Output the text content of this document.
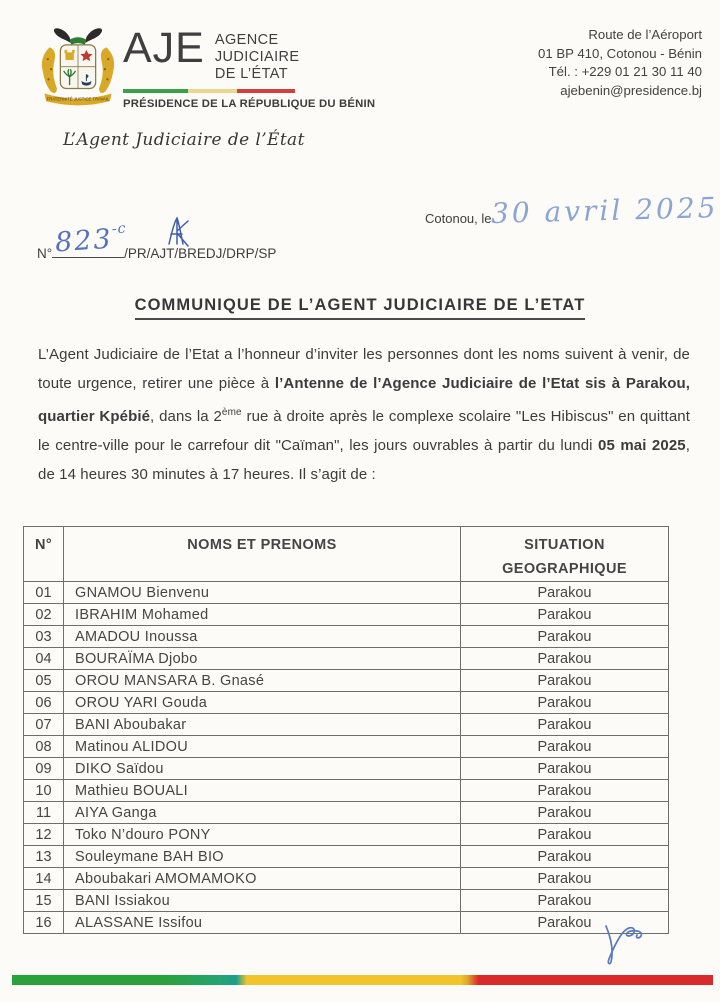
FRATERNITÉ JUSTICE TRAVAIL
AJE AGENCE
JUDICIAIRE DE L’ÉTAT
PRÉSIDENCE DE LA RÉPUBLIQUE DU BÉNIN
Route de l’Aéroport
01 BP 410, Cotonou - Bénin
Tél. : +229 01 21 30 11 40
ajebenin@presidence.bj
L’Agent Judiciaire de l’État
Cotonou, le 30 avril 2025
N°	/PR/AJT/BREDJ/DRP/SP
$823^{-c}$
COMMUNIQUE DE L’AGENT JUDICIAIRE DE L’ETAT

L’Agent Judiciaire de l’Etat a l’honneur d’inviter les personnes dont les noms suivent à venir, de toute urgence, retirer une pièce à l’Antenne de l’Agence Judiciaire de l’Etat sis à Parakou, quartier Kpébié, dans la 2ème rue à droite après le complexe scolaire "Les Hibiscus" en quittant le centre-ville pour le carrefour dit "Caïman", les jours ouvrables à partir du lundi 05 mai 2025, de 14 heures 30 minutes à 17 heures. Il s’agit de :

N°	NOMS ET PRENOMS	SITUATION
GEOGRAPHIQUE

01	GNAMOU Bienvenu	Parakou
02	IBRAHIM Mohamed	Parakou
03	AMADOU Inoussa	Parakou
04	BOURAÏMA Djobo	Parakou
05	OROU MANSARA B. Gnasé	Parakou
06	OROU YARI Gouda	Parakou
07	BANI Aboubakar	Parakou
08	Matinou ALIDOU	Parakou
09	DIKO Saïdou	Parakou
10	Mathieu BOUALI	Parakou
11	AIYA Ganga	Parakou
12	Toko N’douro PONY	Parakou
13	Souleymane BAH BIO	Parakou
14	Aboubakari AMOMAMOKO	Parakou
15	BANI Issiakou	Parakou
16	ALASSANE Issifou	Parakou
